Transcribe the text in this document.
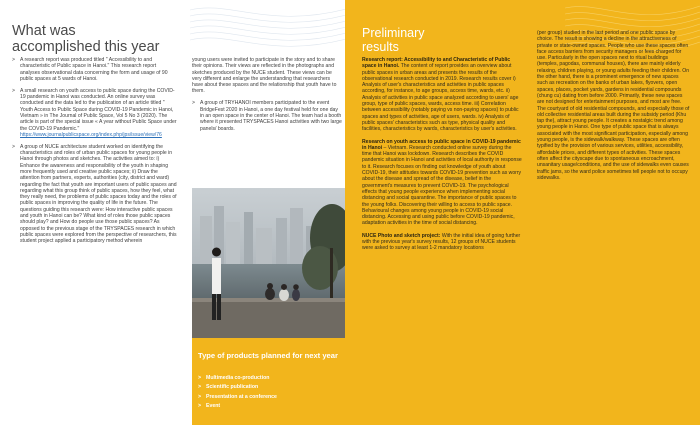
What was
accomplished this year
> A research report was produced titled " Accessibility to and characteristic of Public space in Hanoi." This research report analyses observational data concerning the form and usage of 90 public spaces at 5 wards of Hanoi.
> A small research on youth access to public space during the COVID-19 pandemic in Hanoi was conducted. An online survey was conducted and the data led to the publication of an article titled " Youth Access to Public Space during COVID-19 Pandemic in Hanoi, Vietnam » in The Journal of Public Space, Vol 5 No 3 (2020). The article is part of the special issue « A year without Public Space under the COVID-19 Pandemic." https://www.journalpublicspace.org/index.php/jps/issue/view/76
> A group of NUCE architecture student worked on identifying the characteristics and roles of urban public spaces for young people in Hanoi through photos and sketches. The activities aimed to: i) Enhance the awareness and responsibility of the youth in shaping more frequently used and creative public spaces; ii) Draw the attention from partners, experts, authorities (city, district and ward) regarding the fact that youth are important users of public spaces and regarding what this group think of public spaces, how they feel, what they really need, the problems of public spaces today and the roles of public spaces in improving the quality of life in the future. The questions guiding this research were: How interactive public spaces and youth in Hanoi can be? What kind of roles those public spaces should play? and How do people use those public spaces? As opposed to the previous stage of the TRYSPACES research in which public spaces were explored from the perspective of researchers, this student project applied a participatory method wherein

young users were invited to participate in the story and to share their opinions. Their views are reflected in the photographs and sketches produced by the NUCE student. These views can be very different and enlarge the understanding that researchers have about these spaces and the relationship that youth have to them.

> A group of TRYHANOI members participated to the event BridgeFest 2020 in Hanoi, a one day festival held for one day in an open space in the center of Hanoi. The team had a booth where it presented TRYSPACES Hanoi activities with two large panels/ boards.
Type of products planned for next year
> Multimedia co-production
> Scientific publication
> Presentation at a conference
> Event
Preliminary
results

Research report: Accessibility to and Characteristic of Public space in Hanoi. The content of report provides an overview about public spaces in urban areas and presents the results of the observational research conducted in 2019. Research results cover i) Analysis of user's characteristics and activities in public spaces according, for instance, to age groups, access time, wards, etc. ii) Analysis of activities in public space analyzed according to users' age group, type of public spaces, wards, access time. iii) Correlation between accessibility (notably paying vs non-paying spaces) to public spaces and types of activities, age of users, wards. iv) Analysis of public spaces' characteristics such as type, physical quality and facilities, characteristics by wards, characteristics by user's activities.

Research on youth access to public space in COVID-19 pandemic in Hanoi – Vietnam. Research conducted online survey during the time that Hanoi was lockdown. Research describes the COVID pandemic situation in Hanoi and activities of local authority in response to it. Research focuses on finding out knowledge of youth about COVID-19, their attitudes towards COVID-19 prevention such as worry about the disease and spread of the disease, belief in the government's measures to prevent COVID-19. The psychological effects that young people experience when implementing social distancing and social quarantine. The importance of public spaces to the young folks. Discovering their willing to access to public space. Behavioural changes among young people in COVID-19 social distancing. Accessing and using public before COVID-19 pandemic, adaptation activities in the time of social distancing.

NUCE Photo and sketch project: With the initial idea of going further with the previous year's survey results, 12 groups of NUCE students were asked to survey at least 1-2 mandatory locations

(per group) studied in the last period and one public space by choice. The result is showing a decline in the attractiveness of private or state-owned spaces. People who use these spaces often face access barriers from security managers or fees charged for use. Particularly in the open spaces next to ritual buildings (temples, pagodas, communal houses), there are mainly elderly relaxing, children playing, or young adults feeding their children. On the other hand, there is a prominent emergence of new spaces such as recreation on the banks of urban lakes, flyovers, open spaces, places, pocket yards, gardens in residential compounds (chung cu) dating from before 2000. Primarily, these new spaces are not designed for entertainment purposes, and most are free. The courtyard of old residential compounds, and especially those of old collective residential areas built during the subsidy period (Khu tap the), attract young people. It creates a nostalgic trend among young people in Hanoi. One type of public space that is always associated with the most significant participation, especially among young people, is the sidewalk/walkway. These spaces are often typified by the provision of various services, utilities, accessibility, affordable prices, and different types of activities. These spaces often affect the cityscape due to spontaneous encroachment, unsanitary usage/conditions, and the use of sidewalks even causes traffic jams, so the ward police sometimes tell people not to occupy sidewalks.
